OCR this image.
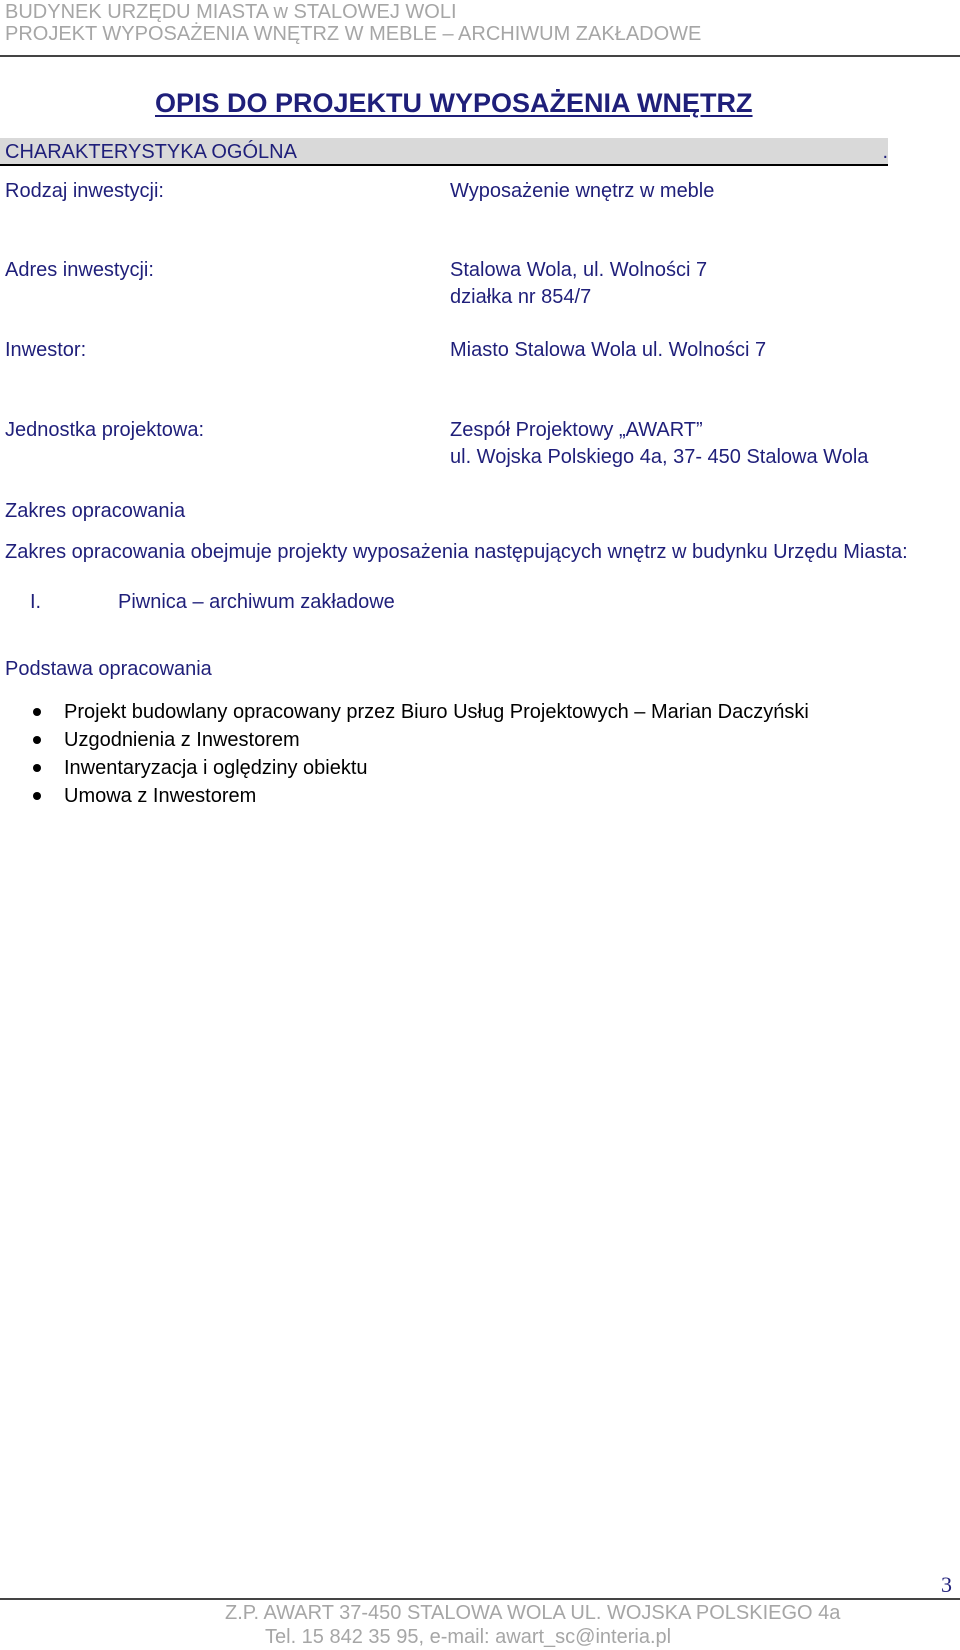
BUDYNEK URZĘDU MIASTA w STALOWEJ WOLI
PROJEKT WYPOSAŻENIA WNĘTRZ W MEBLE – ARCHIWUM ZAKŁADOWE
OPIS DO PROJEKTU WYPOSAŻENIA WNĘTRZ
CHARAKTERYSTYKA OGÓLNA	.
Rodzaj inwestycji:	Wyposażenie wnętrz w meble
Adres inwestycji:	Stalowa Wola, ul. Wolności 7
działka nr 854/7
Inwestor:	Miasto Stalowa Wola ul. Wolności 7
Jednostka projektowa:	Zespół Projektowy „AWART”
ul. Wojska Polskiego 4a, 37- 450 Stalowa Wola
Zakres opracowania
Zakres opracowania obejmuje projekty wyposażenia następujących wnętrz w budynku Urzędu Miasta:
I.	Piwnica – archiwum zakładowe
Podstawa opracowania
Projekt budowlany opracowany przez Biuro Usług Projektowych – Marian Daczyński
Uzgodnienia z Inwestorem
Inwentaryzacja i oględziny obiektu
Umowa z Inwestorem
3
Z.P. AWART 37-450 STALOWA WOLA UL. WOJSKA POLSKIEGO 4a
Tel. 15 842 35 95, e-mail: awart_sc@interia.pl
